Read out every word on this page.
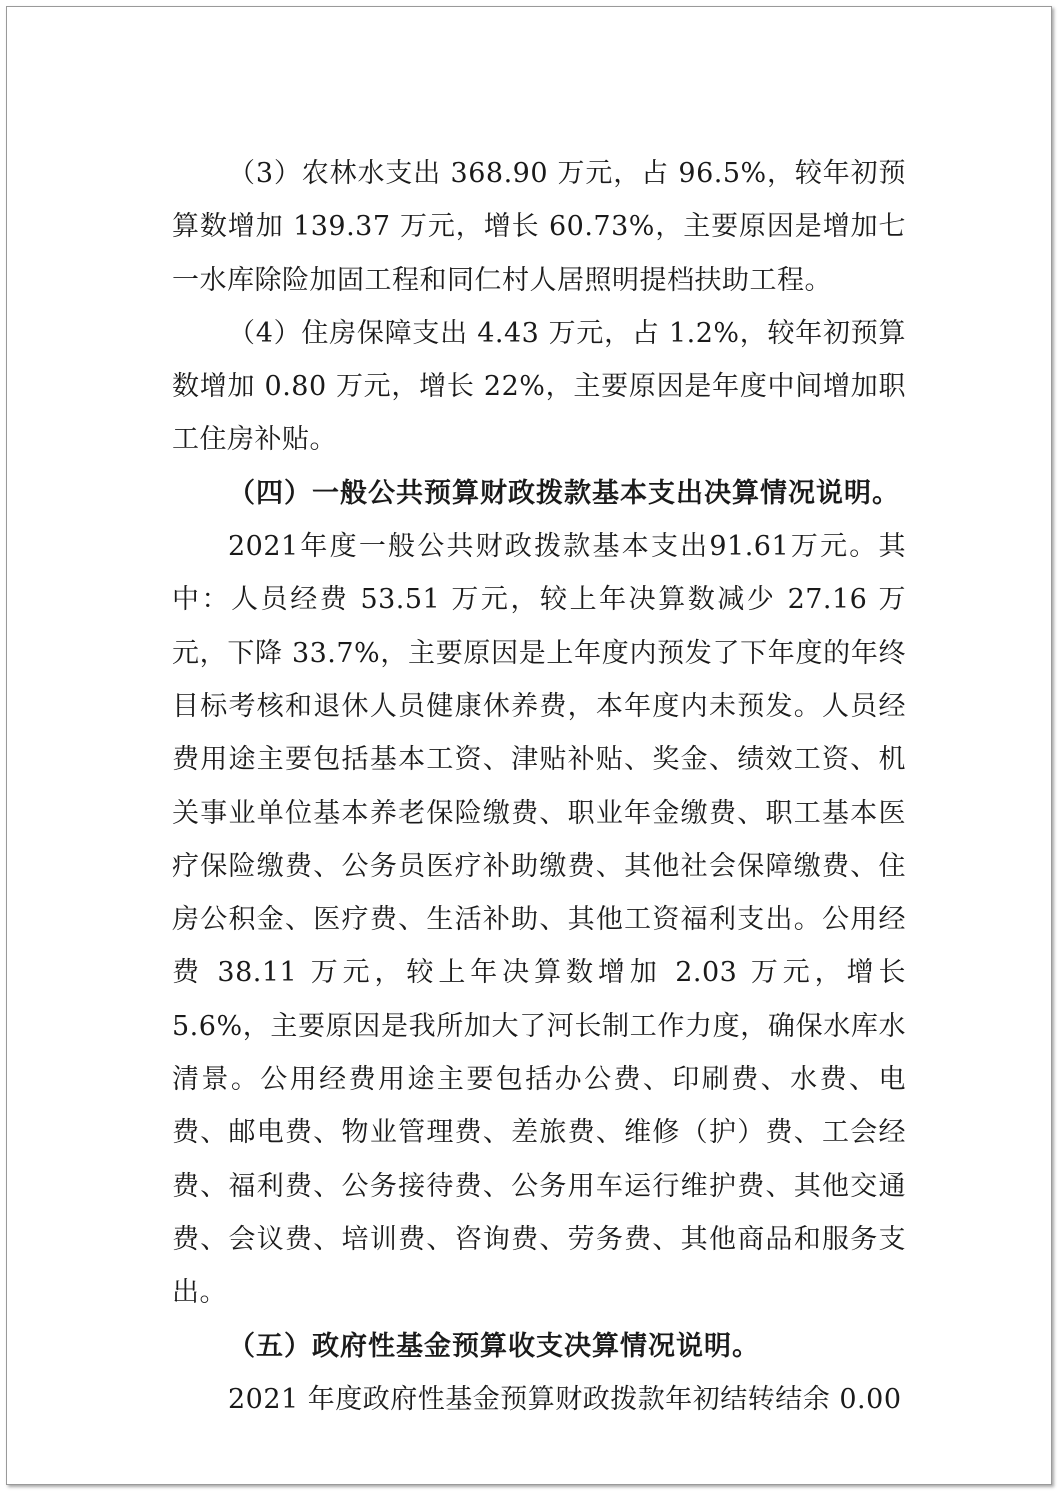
（3）农林水支出 368.90 万元，占 96.5%，较年初预算数增加 139.37 万元，增长 60.73%，主要原因是增加七一水库除险加固工程和同仁村人居照明提档扶助工程。

（4）住房保障支出 4.43 万元，占 1.2%，较年初预算数增加 0.80 万元，增长 22%，主要原因是年度中间增加职工住房补贴。

（四）一般公共预算财政拨款基本支出决算情况说明。

2021年度一般公共财政拨款基本支出91.61万元。其中：人员经费 53.51 万元，较上年决算数减少 27.16 万元，下降 33.7%，主要原因是上年度内预发了下年度的年终目标考核和退休人员健康休养费，本年度内未预发。人员经费用途主要包括基本工资、津贴补贴、奖金、绩效工资、机关事业单位基本养老保险缴费、职业年金缴费、职工基本医疗保险缴费、公务员医疗补助缴费、其他社会保障缴费、住房公积金、医疗费、生活补助、其他工资福利支出。公用经费 38.11 万元，较上年决算数增加 2.03 万元，增长 5.6%，主要原因是我所加大了河长制工作力度，确保水库水清景。公用经费用途主要包括办公费、印刷费、水费、电费、邮电费、物业管理费、差旅费、维修（护）费、工会经费、福利费、公务接待费、公务用车运行维护费、其他交通费、会议费、培训费、咨询费、劳务费、其他商品和服务支出。

（五）政府性基金预算收支决算情况说明。

2021 年度政府性基金预算财政拨款年初结转结余 0.00
